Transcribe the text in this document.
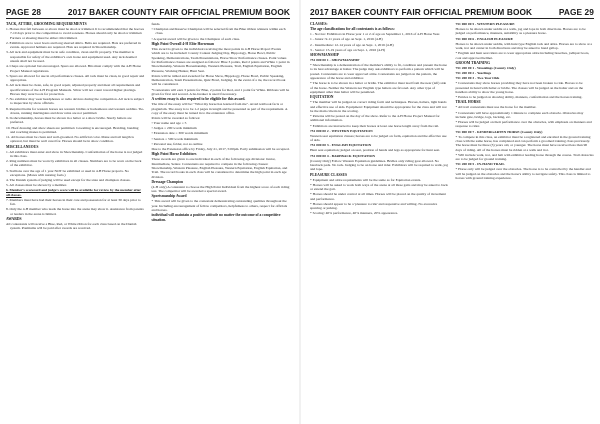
PAGE 28	2017 BAKER COUNTY FAIR OFFICIAL PREMIUM BOOK

TACK, ATTIRE, GROOMING REQUIREMENTS

1. Horses that fall between or above must be shod or trimmed. It is recommended that the hooves 7-10 days prior to the competition to avoid soreness. Horses should only be shod or trimmed. Farriers or shoeing must be either rim trimmed.

2. Exhibitors are to wear boots and long sleeved shirts. Belts are required. Hats are preferred in events. Approved helmets are required. Hats are required in Showmanship.

3. All tack and equipment must be in safe condition, clean and fit properly. The member is responsible for safety of the exhibitor's own horse and equipment used. Any tack deemed unsafe shall not be used.

4. Chaps are optional but encouraged. Spurs are allowed. Bits must comply with the 4-H Horse Project Manual regulations.

5. Spurs are allowed for use in all performance classes. All tack must be clean, in good repair and appropriate.

6. All tack must be clean, safe, in good repair, adjusted properly and meet all requirements and specifications of the 4-H Program Manuals. Silver will not count toward higher placings. Horses may wear boots for protection.

7. No exhibitor may wear headphones or radio devices during the competition. All tack is subject to inspection by show officials.

8. Required items for western horses are western bridles or hackamores and western saddles. Tie-downs, running martingales and draw reins are not permitted.

9. In showmanship, horses must be shown in a halter or a show bridle. Sturdy halters are preferred.

10. Hoof dressing and show sheen are permitted. Grooming is encouraged. Braiding, banding and roaching manes is permitted.

11. All horses must be clean and well-groomed. No artificial color. Mane and tail length is optional, but must be well cared for. Horses should be in show condition.

MISCELLANEOUS

1. All exhibitors must enter and show in Showmanship. Conformation of the horse is not judged in this class.

2. Ring numbers must be worn by exhibitors in all classes. Numbers are to be worn on the back of the exhibitor.

3. Stallions over the age of 1 year NOT be exhibited or used in 4-H Horse projects. No exceptions. (Mares with nursing foals.)

4. The Danish system of judging will be used except for the state and champion classes.

5. All classes must be shown by a member.

6. Member's scorecard and judge's score will be available for review by the member after all classes.

7. Members must have had their horses in their care and possession for at least 30 days prior to fair.

8. Only the 4-H member who leads the horse into the arena may show it. Assistance from parents or leaders in the arena is limited.

AWARDS

All contestants will receive a Blue, Red, or White ribbon for each class based on the Danish system. Premiums will be paid after awards are received.

funds.

• Champion and Reserve Champion will be selected from the Blue ribbon winners within each class.

• A special award will be given to the Champion of each class.

High Point Overall 4-H Elite Horseman

This award is given to the individual receiving the most points in 4-H Horse Project Events which are to be included: County Contest Judging Day, Hippology, Horse Bowl, Public Speaking, Demonstrations, Team Presentations, Horse Show Performance classes. Point values for Performance classes are assigned as follows: Blue 3 points, Red 2 points and White 1 point in Showmanship, Western Horsemanship, Western Pleasure, Trail, English Equitation, English Pleasure, Working Hunter, Hunt Seat.

Points will be tallied and awarded for Horse Show, Hippology, Horse Bowl, Public Speaking, Demonstration, Team Presentations, Quiz Bowl, Judging. In the event of a tie, the record book will be considered.

*Contestants will earn 3 points for Blue, 2 points for Red, and 1 point for White. Ribbons will be given for first and second. A tie-breaker is used if necessary.

A written essay is also required to be eligible for this award.

The title of the essay will be: "What my horse has learned from me". Avoid textbook facts or plagiarism. The essay is to be 1-2 pages in length and be presented as part of the requirement. A copy of the essay must be turned in to the extension office.

Points will be awarded as follows:

• Your name and age = 5

• Judges = 200 words minimum

• Extension date = 300 words minimum

• Seniors = 500 words minimum

• Personal use, folder, not as outline

Due to the Extension office by Friday, July 21, 2017, 5:00pm. Early submission will be accepted.

High Point Horse Exhibitors

These awards are given to one individual in each of the following age divisions: Junior, Intermediate, Senior. Contestants are required to compete in the following classes: Showmanship, Western Pleasure, English Pleasure, Western Equitation, English Equitation, and Trail. The record books in each class will be considered to determine the high point in each age division.

Dressage Champion

(4-H only) A contestant to choose the High Point Individual from the highest score of each riding test. The competitor will be awarded a special award.

Sportsmanship Award

* This award will be given to the contestant demonstrating outstanding qualities throughout the year. Including encouragement of fellow competitors, helpfulness to others, respect for officials and horses.

individual will maintain a positive attitude no matter the outcome of a competitive situation.

2017 BAKER COUNTY FAIR OFFICIAL PREMIUM BOOK	PAGE 29

CLASSES:

The age classifications for all contestants is as follows:

1 - Novice: Exhibitors in Horse year 1 or 2 of age on September 1, 2016 of 4-H Horse Year.

1 - Junior: 9-11 years of age on Sept. 1, 2016 (4-H)

2 - Intermediate: 12-14 years of age on Sept. 1, 2016 (4-H)

3 - Senior: 15-19 years of age on Sept. 1, 2016 (4-H)

SHOWMANSHIP

751 000 00 1 - SHOWMANSHIP

* Showmanship is a demonstration of the member's ability to fit, condition and present the horse to its best advantage at halter. The judge may ask exhibitors to perform a pattern which will be posted. Contestants are to wear approved attire. Contestants are judged on the pattern, the appearance of the horse and exhibitor.

* The horse is to be shown in a halter or bridle. The exhibitor must lead from the near (left) side of the horse. Neither the Western nor English type halters are favored. Any other type of equipment other than halter will be penalized.

EQUITATION

* The member will be judged on correct riding form and techniques. Horses, halters, light hands and effective use of aids. Equipment: Equipment should be appropriate for the class and will not be the main criteria in the scoring.

* Patterns will be posted on the day of the show. Refer to the 4-H Horse Project Manual for additional information.

* Exhibitors are instructed to keep their horses at least one horse length away from the rail.

751 000 00 2 - WESTERN EQUITATION

Western seat equitation classes; horses are to be judged on form, equitation and the effective use of aids.

751 000 00 3 - ENGLISH EQUITATION

Hunt seat equitation; judged on seat, position of hands and legs as appropriate for hunt seat.

751 000 00 4 - BAREBACK EQUITATION

(County Only) Follow Western Equitation guidelines. Bridles only riding gear allowed. No bareback pads. No tack. Judging to be on horse and rider. Exhibitors will be required to walk, jog and lope.

PLEASURE CLASSES

* Equipment and attire requirements will be the same as for Equitation events.

* Horses will be asked to work both ways of the arena at all three gaits and may be asked to back or extend the gait.

* Horses should be under control at all times. Horses will be placed on the quality of movement and performance.

* Horses should appear to be a 'pleasure to ride' and responsive and willing. No excessive spurring or jerking.

* Scoring: 40% performance, 40% manners, 20% appearance.

751 000 00 5 - WESTERN PLEASURE

Horses to be shown under saddle at a walk, jog and lope in both directions. Horses are to be judged on performance, manners, suitability as a pleasure horse.

751 000 00 6 - ENGLISH PLEASURE

Horses to be shown under saddle, with hunt type English tack and attire. Horses are to show at a walk, trot and canter in both directions and may be asked to hand gallop.

* English and hunt seat riders are to wear appropriate attire including breeches, jodhpur boots, coat and approved helmet.

GROOM TRAINING

751 200 00 1 - Weanlings (County Only)

751 200 00 2 - Yearlings

751 200 00 3 - Two Year Olds

* Contestants may show horses providing they have not been broken to ride. Horses to be presented in hand with halter or bridle. The classes will be judged on the halter and on the handlers ability to show the young horse.

* Entries to be judged on showing ability, manners, conformation and the horses training.

TRAIL HORSE

* All trail contestants must use the horse for the member.

* Contestants will have approximately 1 minute to complete each obstacle. Obstacles may include gate, bridge, logs, backing, etc.

* Horses will be judged on their performance over the obstacles, with emphasis on manners and response to rider.

751 000 00 7 - KINDERGARTEN HORSE (County Only)

* To compete in this class, an exhibitor must be a registered and enrolled in the ground training class with the same horse, has completed and can perform a groomed training class previously. The horse must be three (3) years old, or younger. The horse must have received less than 90 days of riding. All of the horses must be ridden at a walk and trot.

* Will include walk, trot, and halt with exhibitor leading horse through the course. Trail obstacles are to be judged for ground training.

751 200 00 5 - IN-HAND TRAIL

* Horse only will be judged over the obstacles. The horse is to be controlled by the handler and will be judged on the obstacles and the horse's ability to navigate safely. This class is limited to horses with ground training experience.
